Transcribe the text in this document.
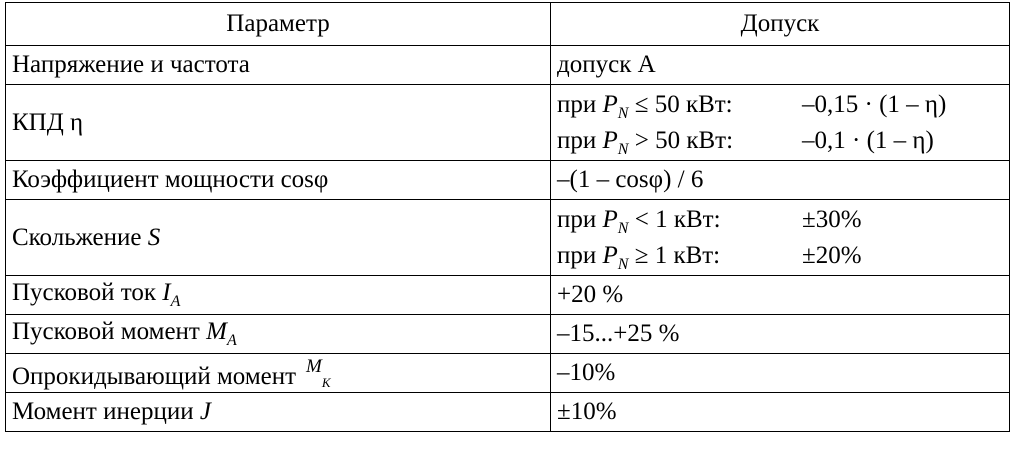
Параметр	Допуск
Напряжение и частота	допуск А
КПД η	при $P_N \le 50$ кВт: –0,15 · (1 – η)
при $P_N > 50$ кВт: –0,1 · (1 – η)

Коэффициент мощности cosφ	–(1 – cosφ) / 6
Скольжение S	при $P_N < 1$ кВт: ±30%
при $P_N \ge 1$ кВт: ±20%

Пусковой ток $I_A$	+20 %
Пусковой момент $M_A$	–15...+25 %
Опрокидывающий момент $^M$K	–10%
Момент инерции J	±10%
